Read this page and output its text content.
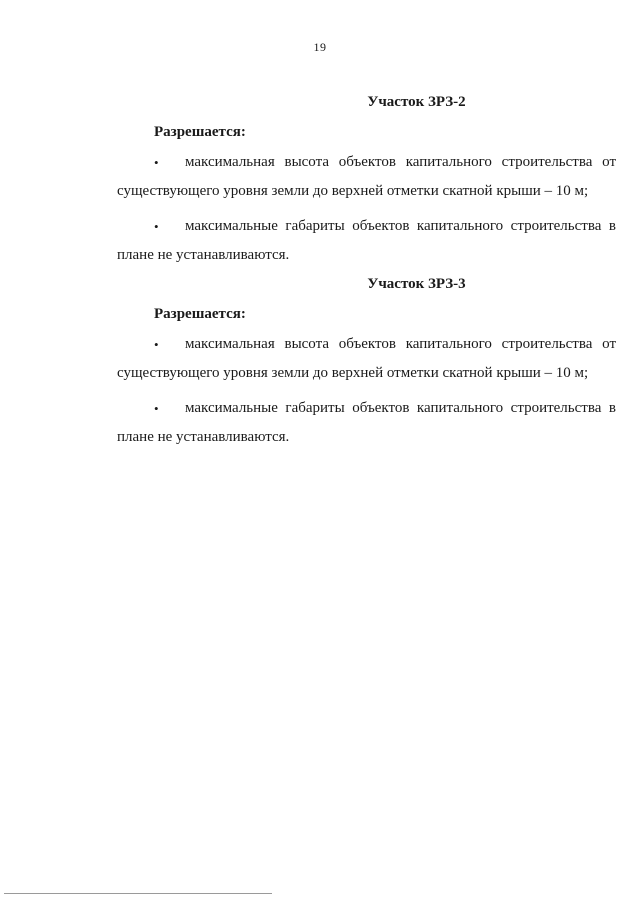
19

Участок ЗРЗ-2

Разрешается:

• максимальная высота объектов капитального строительства от существующего уровня земли до верхней отметки скатной крыши – 10 м;
• максимальные габариты объектов капитального строительства в плане не устанавливаются.

Участок ЗРЗ-3

Разрешается:

• максимальная высота объектов капитального строительства от существующего уровня земли до верхней отметки скатной крыши – 10 м;
• максимальные габариты объектов капитального строительства в плане не устанавливаются.
